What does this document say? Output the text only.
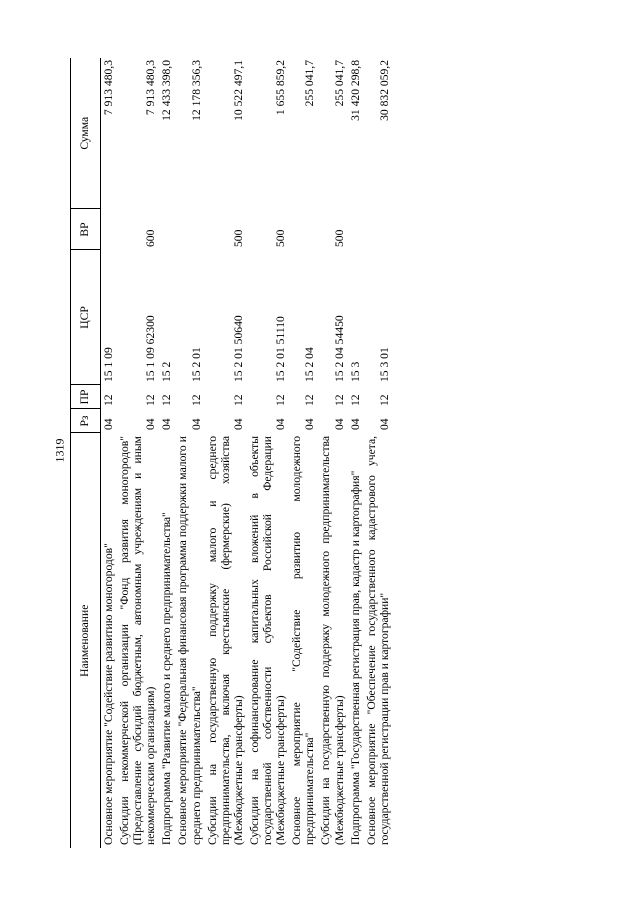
1319
Наименование	Рз	ПР	ЦСР	ВР	Сумма
Основное мероприятие "Содействие развитию моногородов"	04	12	15 1 09		7 913 480,3
Субсидии некоммерческой организации "Фонд развития моногородов" (Предоставление субсидий бюджетным, автономным учреждениям и иным некоммерческим организациям)	04	12	15 1 09 62300	600	7 913 480,3
Подпрограмма "Развитие малого и среднего предпринимательства"	04	12	15 2		12 433 398,0
Основное мероприятие "Федеральная финансовая программа поддержки малого и среднего предпринимательства"	04	12	15 2 01		12 178 356,3
Субсидии на государственную поддержку малого и среднего предпринимательства, включая крестьянские (фермерские) хозяйства (Межбюджетные трансферты)	04	12	15 2 01 50640	500	10 522 497,1
Субсидии на софинансирование капитальных вложений в объекты государственной собственности субъектов Российской Федерации (Межбюджетные трансферты)	04	12	15 2 01 51110	500	1 655 859,2
Основное мероприятие "Содействие развитию молодежного предпринимательства"	04	12	15 2 04		255 041,7
Субсидии на государственную поддержку молодежного предпринимательства (Межбюджетные трансферты)	04	12	15 2 04 54450	500	255 041,7
Подпрограмма "Государственная регистрация прав, кадастр и картография"	04	12	15 3		31 420 298,8
Основное мероприятие "Обеспечение государственного кадастрового учета, государственной регистрации прав и картографии"	04	12	15 3 01		30 832 059,2
